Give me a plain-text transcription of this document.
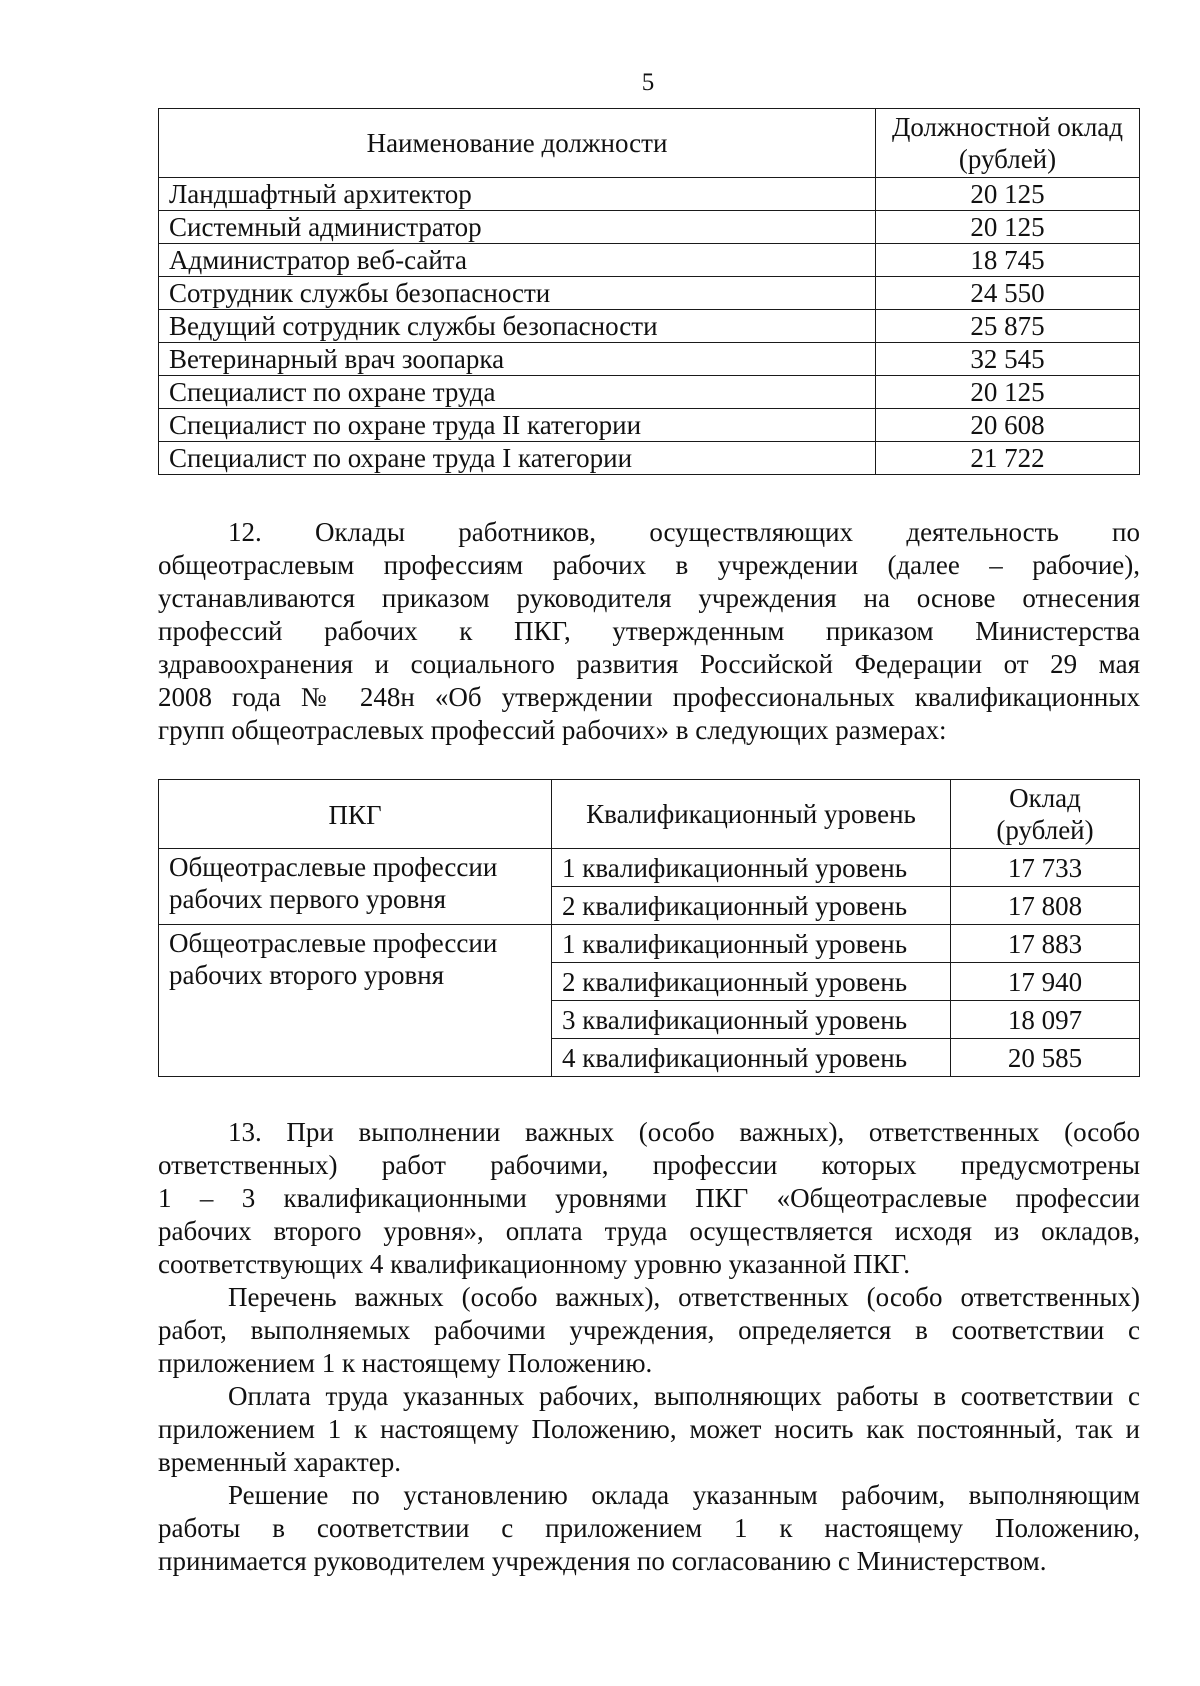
5
Наименование должности	Должностной оклад
(рублей)
Ландшафтный архитектор	20 125
Системный администратор	20 125
Администратор веб-сайта	18 745
Сотрудник службы безопасности	24 550
Ведущий сотрудник службы безопасности	25 875
Ветеринарный врач зоопарка	32 545
Специалист по охране труда	20 125
Специалист по охране труда II категории	20 608
Специалист по охране труда I категории	21 722
12. Оклады работников, осуществляющих деятельность по
общеотраслевым профессиям рабочих в учреждении (далее – рабочие),
устанавливаются приказом руководителя учреждения на основе отнесения
профессий рабочих к ПКГ, утвержденным приказом Министерства
здравоохранения и социального развития Российской Федерации от 29 мая
2008 года № 248н «Об утверждении профессиональных квалификационных
групп общеотраслевых профессий рабочих» в следующих размерах:
ПКГ	Квалификационный уровень	Оклад
(рублей)
Общеотраслевые профессии
рабочих первого уровня	1 квалификационный уровень	17 733
	2 квалификационный уровень	17 808
Общеотраслевые профессии
рабочих второго уровня	1 квалификационный уровень	17 883
	2 квалификационный уровень	17 940
	3 квалификационный уровень	18 097
	4 квалификационный уровень	20 585
13. При выполнении важных (особо важных), ответственных (особо
ответственных) работ рабочими, профессии которых предусмотрены
1 – 3 квалификационными уровнями ПКГ «Общеотраслевые профессии
рабочих второго уровня», оплата труда осуществляется исходя из окладов,
соответствующих 4 квалификационному уровню указанной ПКГ.
Перечень важных (особо важных), ответственных (особо ответственных)
работ, выполняемых рабочими учреждения, определяется в соответствии с
приложением 1 к настоящему Положению.
Оплата труда указанных рабочих, выполняющих работы в соответствии с
приложением 1 к настоящему Положению, может носить как постоянный, так и
временный характер.
Решение по установлению оклада указанным рабочим, выполняющим
работы в соответствии с приложением 1 к настоящему Положению,
принимается руководителем учреждения по согласованию с Министерством.
